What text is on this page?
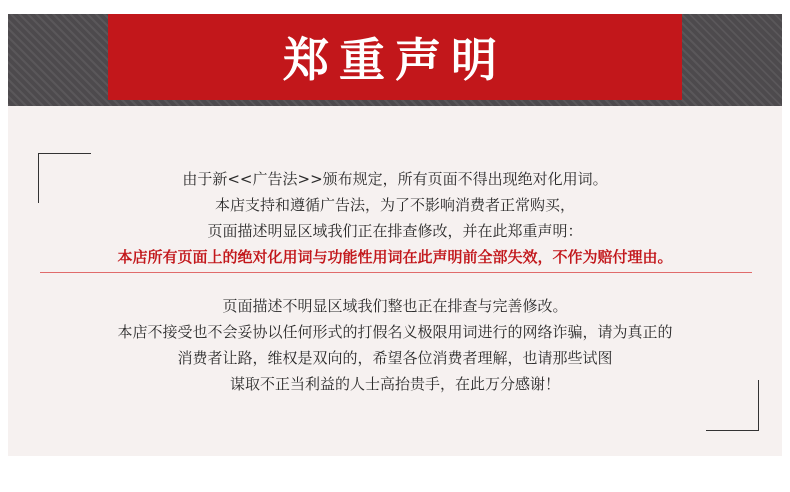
郑重声明
由于新<<广告法>>颁布规定，所有页面不得出现绝对化用词。
本店支持和遵循广告法，为了不影响消费者正常购买，
页面描述明显区域我们正在排查修改，并在此郑重声明：
本店所有页面上的绝对化用词与功能性用词在此声明前全部失效，不作为赔付理由。
页面描述不明显区域我们整也正在排查与完善修改。
本店不接受也不会妥协以任何形式的打假名义极限用词进行的网络诈骗，请为真正的
消费者让路，维权是双向的，希望各位消费者理解，也请那些试图
谋取不正当利益的人士高抬贵手，在此万分感谢！
